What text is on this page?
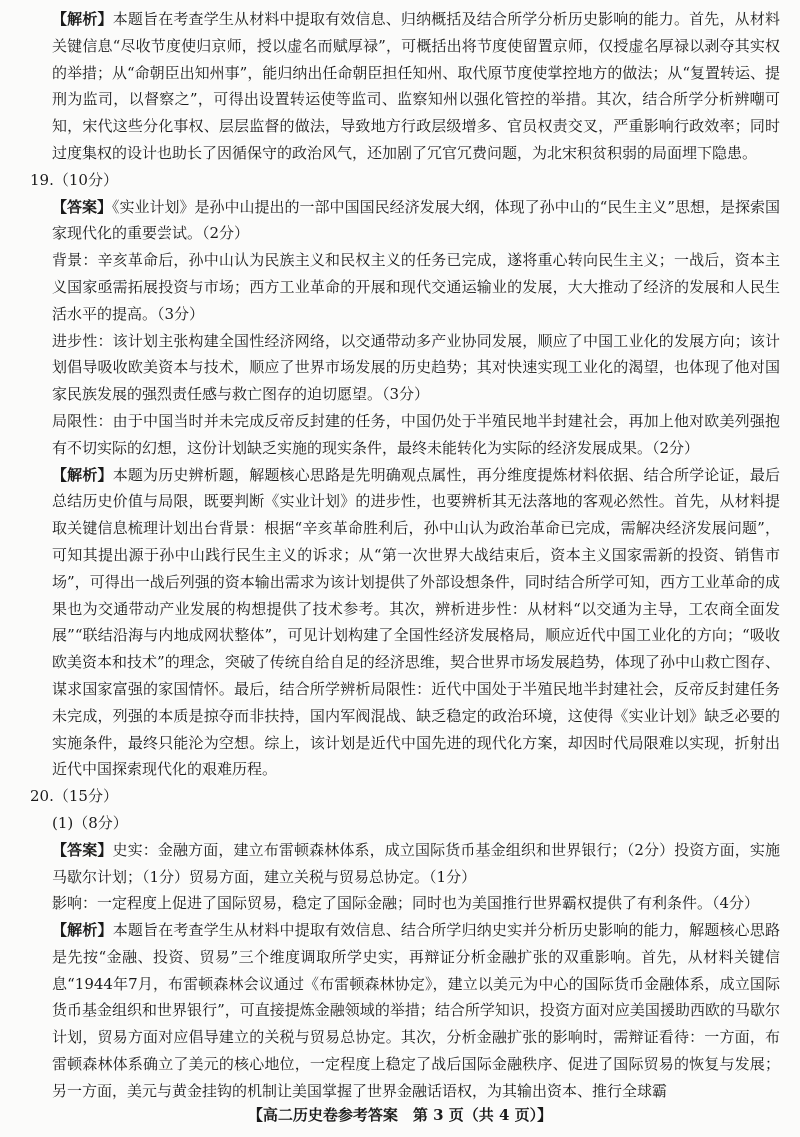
【解析】本题旨在考查学生从材料中提取有效信息、归纳概括及结合所学分析历史影响的能力。首先，从材料关键信息“尽收节度使归京师，授以虚名而赋厚禄”，可概括出将节度使留置京师，仅授虚名厚禄以剥夺其实权的举措；从“命朝臣出知州事”，能归纳出任命朝臣担任知州、取代原节度使掌控地方的做法；从“复置转运、提刑为监司，以督察之”，可得出设置转运使等监司、监察知州以强化管控的举措。其次，结合所学分析辨嘲可知，宋代这些分化事权、层层监督的做法，导致地方行政层级增多、官员权责交叉，严重影响行政效率；同时过度集权的设计也助长了因循保守的政治风气，还加剧了冗官冗费问题，为北宋积贫积弱的局面埋下隐患。

19.（10分）

【答案】《实业计划》是孙中山提出的一部中国国民经济发展大纲，体现了孙中山的“民生主义”思想，是探索国家现代化的重要尝试。（2分）

背景：辛亥革命后，孙中山认为民族主义和民权主义的任务已完成，遂将重心转向民生主义；一战后，资本主义国家亟需拓展投资与市场；西方工业革命的开展和现代交通运输业的发展，大大推动了经济的发展和人民生活水平的提高。（3分）

进步性：该计划主张构建全国性经济网络，以交通带动多产业协同发展，顺应了中国工业化的发展方向；该计划倡导吸收欧美资本与技术，顺应了世界市场发展的历史趋势；其对快速实现工业化的渴望，也体现了他对国家民族发展的强烈责任感与救亡图存的迫切愿望。（3分）

局限性：由于中国当时并未完成反帝反封建的任务，中国仍处于半殖民地半封建社会，再加上他对欧美列强抱有不切实际的幻想，这份计划缺乏实施的现实条件，最终未能转化为实际的经济发展成果。（2分）

【解析】本题为历史辨析题，解题核心思路是先明确观点属性，再分维度提炼材料依据、结合所学论证，最后总结历史价值与局限，既要判断《实业计划》的进步性，也要辨析其无法落地的客观必然性。首先，从材料提取关键信息梳理计划出台背景：根据“辛亥革命胜利后，孙中山认为政治革命已完成，需解决经济发展问题”，可知其提出源于孙中山践行民生主义的诉求；从“第一次世界大战结束后，资本主义国家需新的投资、销售市场”，可得出一战后列强的资本输出需求为该计划提供了外部设想条件，同时结合所学可知，西方工业革命的成果也为交通带动产业发展的构想提供了技术参考。其次，辨析进步性：从材料“以交通为主导，工农商全面发展”“联结沿海与内地成网状整体”，可见计划构建了全国性经济发展格局，顺应近代中国工业化的方向；“吸收欧美资本和技术”的理念，突破了传统自给自足的经济思维，契合世界市场发展趋势，体现了孙中山救亡图存、谋求国家富强的家国情怀。最后，结合所学辨析局限性：近代中国处于半殖民地半封建社会，反帝反封建任务未完成，列强的本质是掠夺而非扶持，国内军阀混战、缺乏稳定的政治环境，这使得《实业计划》缺乏必要的实施条件，最终只能沦为空想。综上，该计划是近代中国先进的现代化方案，却因时代局限难以实现，折射出近代中国探索现代化的艰难历程。

20.（15分）

(1)（8分）

【答案】史实：金融方面，建立布雷顿森林体系，成立国际货币基金组织和世界银行；（2分）投资方面，实施马歇尔计划；（1分）贸易方面，建立关税与贸易总协定。（1分）

影响：一定程度上促进了国际贸易，稳定了国际金融；同时也为美国推行世界霸权提供了有利条件。（4分）

【解析】本题旨在考查学生从材料中提取有效信息、结合所学归纳史实并分析历史影响的能力，解题核心思路是先按“金融、投资、贸易”三个维度调取所学史实，再辩证分析金融扩张的双重影响。首先，从材料关键信息“1944年7月，布雷顿森林会议通过《布雷顿森林协定》，建立以美元为中心的国际货币金融体系，成立国际货币基金组织和世界银行”，可直接提炼金融领域的举措；结合所学知识，投资方面对应美国援助西欧的马歇尔计划，贸易方面对应倡导建立的关税与贸易总协定。其次，分析金融扩张的影响时，需辩证看待：一方面，布雷顿森林体系确立了美元的核心地位，一定程度上稳定了战后国际金融秩序、促进了国际贸易的恢复与发展；另一方面，美元与黄金挂钩的机制让美国掌握了世界金融话语权，为其输出资本、推行全球霸

【高二历史卷参考答案　第 3 页（共 4 页）】
